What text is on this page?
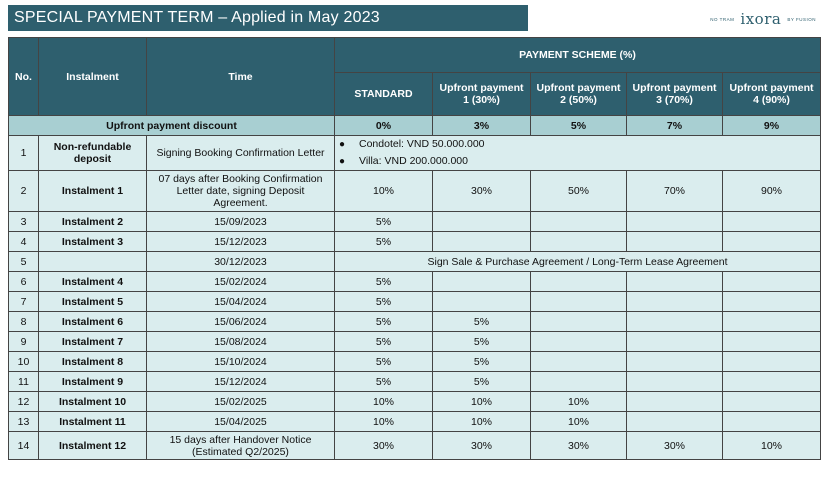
SPECIAL PAYMENT TERM – Applied in May 2023	NO TRAM ixora BY FUSION
No.	Instalment	Time	PAYMENT SCHEME (%)				
			STANDARD	Upfront payment 1 (30%)	Upfront payment 2 (50%)	Upfront payment 3 (70%)	Upfront payment 4 (90%)
Upfront payment discount			0%	3%	5%	7%	9%
1	Non-refundable deposit	Signing Booking Confirmation Letter	● Condotel: VND 50.000.000
● Villa: VND 200.000.000				

2	Instalment 1	07 days after Booking Confirmation Letter date, signing Deposit Agreement.	10%	30%	50%	70%	90%
3	Instalment 2	15/09/2023	5%				
4	Instalment 3	15/12/2023	5%				
5		30/12/2023	Sign Sale & Purchase Agreement / Long-Term Lease Agreement				
6	Instalment 4	15/02/2024	5%				
7	Instalment 5	15/04/2024	5%				
8	Instalment 6	15/06/2024	5%	5%			
9	Instalment 7	15/08/2024	5%	5%			
10	Instalment 8	15/10/2024	5%	5%			
11	Instalment 9	15/12/2024	5%	5%			
12	Instalment 10	15/02/2025	10%	10%	10%		
13	Instalment 11	15/04/2025	10%	10%	10%		
14	Instalment 12	15 days after Handover Notice (Estimated Q2/2025)	30%	30%	30%	30%	10%
